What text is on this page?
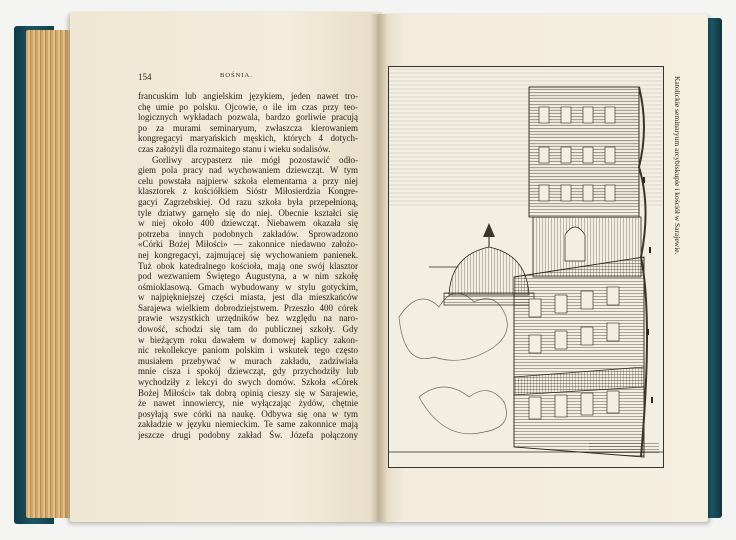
154	BOŚNIA.
francuskim lub angielskim językiem, jeden nawet tro-
chę umie po polsku. Ojcowie, o ile im czas przy teo-
logicznych wykładach pozwala, bardzo gorliwie pracują
po za murami seminaryum, zwłaszcza kierowaniem
kongregacyi maryańskich męskich, których 4 dotych-
czas założyli dla rozmaitego stanu i wieku sodalisów.
Gorliwy arcypasterz nie mógł pozostawić odło-
giem pola pracy nad wychowaniem dziewcząt. W tym
celu powstała najpierw szkoła elementarna a przy niej
klasztorek z kościółkiem Sióstr Miłosierdzia Kongre-
gacyi Zagrzebskiej. Od razu szkoła była przepełnioną,
tyle dziatwy garnęło się do niej. Obecnie kształci się
w niej około 400 dziewcząt. Niebawem okazała się
potrzeba innych podobnych zakładów. Sprowadzono
«Córki Bożej Miłości» — zakonnice niedawno założo-
nej kongregacyi, zajmującej się wychowaniem panienek.
Tuż obok katedralnego kościoła, mają one swój klasztor
pod wezwaniem Świętego Augustyna, a w nim szkołę
ośmioklasową. Gmach wybudowany w stylu gotyckim,
w najpiękniejszej części miasta, jest dla mieszkańców
Sarajewa wielkiem dobrodziejstwem. Przeszło 400 córek
prawie wszystkich urzędników bez względu na naro-
dowość, schodzi się tam do publicznej szkoły. Gdy
w bieżącym roku dawałem w domowej kaplicy zakon-
nic rekollekcye paniom polskim i wskutek tego często
musiałem przebywać w murach zakładu, zadziwiała
mnie cisza i spokój dziewcząt, gdy przychodziły lub
wychodziły z lekcyi do swych domów. Szkoła «Córek
Bożej Miłości» tak dobrą opinią cieszy się w Sarajewie,
że nawet innowiercy, nie wyłączając żydów, chętnie
posyłają swe córki na naukę. Odbywa się ona w tym
zakładzie w języku niemieckim. Te same zakonnice mają
jeszcze drugi podobny zakład Św. Józefa połączony
Katolickie seminaryum arcybiskupie i kościół w Sarajewie.
